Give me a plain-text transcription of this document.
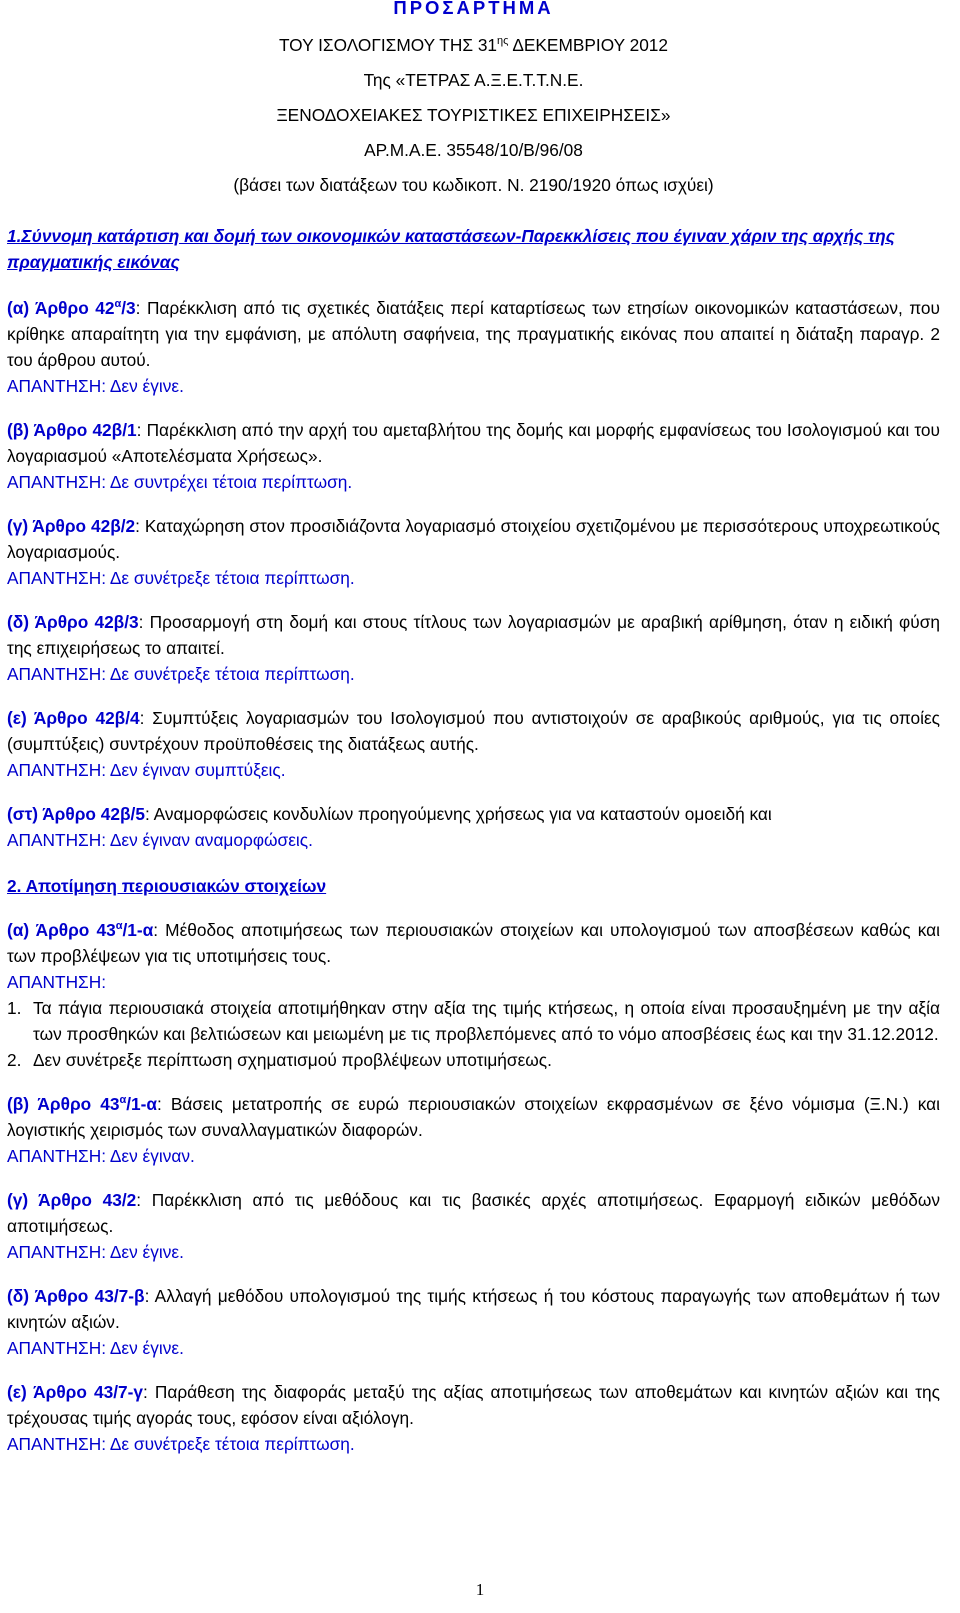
ΠΡΟΣΑΡΤΗΜΑ
ΤΟΥ ΙΣΟΛΟΓΙΣΜΟΥ ΤΗΣ $31^{\eta\varsigma}$ ΔΕΚΕΜΒΡΙΟΥ 2012
Της «ΤΕΤΡΑΣ Α.Ξ.Ε.Τ.Τ.Ν.Ε.
ΞΕΝΟΔΟΧΕΙΑΚΕΣ ΤΟΥΡΙΣΤΙΚΕΣ ΕΠΙΧΕΙΡΗΣΕΙΣ»
ΑΡ.Μ.Α.Ε. 35548/10/Β/96/08
(βάσει των διατάξεων του κωδικοπ. Ν. 2190/1920 όπως ισχύει)
1.Σύννομη κατάρτιση και δομή των οικονομικών καταστάσεων-Παρεκκλίσεις που έγιναν χάριν της αρχής της πραγματικής εικόνας

(α) Άρθρο $42^\alpha/3$: Παρέκκλιση από τις σχετικές διατάξεις περί καταρτίσεως των ετησίων οικονομικών καταστάσεων, που κρίθηκε απαραίτητη για την εμφάνιση, με απόλυτη σαφήνεια, της πραγματικής εικόνας που απαιτεί η διάταξη παραγρ. 2 του άρθρου αυτού.

ΑΠΑΝΤΗΣΗ: Δεν έγινε.

(β) Άρθρο 42β/1: Παρέκκλιση από την αρχή του αμεταβλήτου της δομής και μορφής εμφανίσεως του Ισολογισμού και του λογαριασμού «Αποτελέσματα Χρήσεως».

ΑΠΑΝΤΗΣΗ: Δε συντρέχει τέτοια περίπτωση.

(γ) Άρθρο 42β/2: Καταχώρηση στον προσιδιάζοντα λογαριασμό στοιχείου σχετιζομένου με περισσότερους υποχρεωτικούς λογαριασμούς.

ΑΠΑΝΤΗΣΗ: Δε συνέτρεξε τέτοια περίπτωση.

(δ) Άρθρο 42β/3: Προσαρμογή στη δομή και στους τίτλους των λογαριασμών με αραβική αρίθμηση, όταν η ειδική φύση της επιχειρήσεως το απαιτεί.

ΑΠΑΝΤΗΣΗ: Δε συνέτρεξε τέτοια περίπτωση.

(ε) Άρθρο 42β/4: Συμπτύξεις λογαριασμών του Ισολογισμού που αντιστοιχούν σε αραβικούς αριθμούς, για τις οποίες (συμπτύξεις) συντρέχουν προϋποθέσεις της διατάξεως αυτής.

ΑΠΑΝΤΗΣΗ: Δεν έγιναν συμπτύξεις.

(στ) Άρθρο 42β/5: Αναμορφώσεις κονδυλίων προηγούμενης χρήσεως για να καταστούν ομοειδή και

ΑΠΑΝΤΗΣΗ: Δεν έγιναν αναμορφώσεις.

2. Αποτίμηση περιουσιακών στοιχείων

(α) Άρθρο $43^\alpha/1-\alpha$: Μέθοδος αποτιμήσεως των περιουσιακών στοιχείων και υπολογισμού των αποσβέσεων καθώς και των προβλέψεων για τις υποτιμήσεις τους.

ΑΠΑΝΤΗΣΗ:

1. Τα πάγια περιουσιακά στοιχεία αποτιμήθηκαν στην αξία της τιμής κτήσεως, η οποία είναι προσαυξημένη με την αξία των προσθηκών και βελτιώσεων και μειωμένη με τις προβλεπόμενες από το νόμο αποσβέσεις έως και την 31.12.2012.
2. Δεν συνέτρεξε περίπτωση σχηματισμού προβλέψεων υποτιμήσεως.

(β) Άρθρο $43^\alpha/1-\alpha$: Βάσεις μετατροπής σε ευρώ περιουσιακών στοιχείων εκφρασμένων σε ξένο νόμισμα (Ξ.Ν.) και λογιστικής χειρισμός των συναλλαγματικών διαφορών.

ΑΠΑΝΤΗΣΗ: Δεν έγιναν.

(γ) Άρθρο 43/2: Παρέκκλιση από τις μεθόδους και τις βασικές αρχές αποτιμήσεως. Εφαρμογή ειδικών μεθόδων αποτιμήσεως.

ΑΠΑΝΤΗΣΗ: Δεν έγινε.

(δ) Άρθρο 43/7-β: Αλλαγή μεθόδου υπολογισμού της τιμής κτήσεως ή του κόστους παραγωγής των αποθεμάτων ή των κινητών αξιών.

ΑΠΑΝΤΗΣΗ: Δεν έγινε.

(ε) Άρθρο 43/7-γ: Παράθεση της διαφοράς μεταξύ της αξίας αποτιμήσεως των αποθεμάτων και κινητών αξιών και της τρέχουσας τιμής αγοράς τους, εφόσον είναι αξιόλογη.

ΑΠΑΝΤΗΣΗ: Δε συνέτρεξε τέτοια περίπτωση.

1
